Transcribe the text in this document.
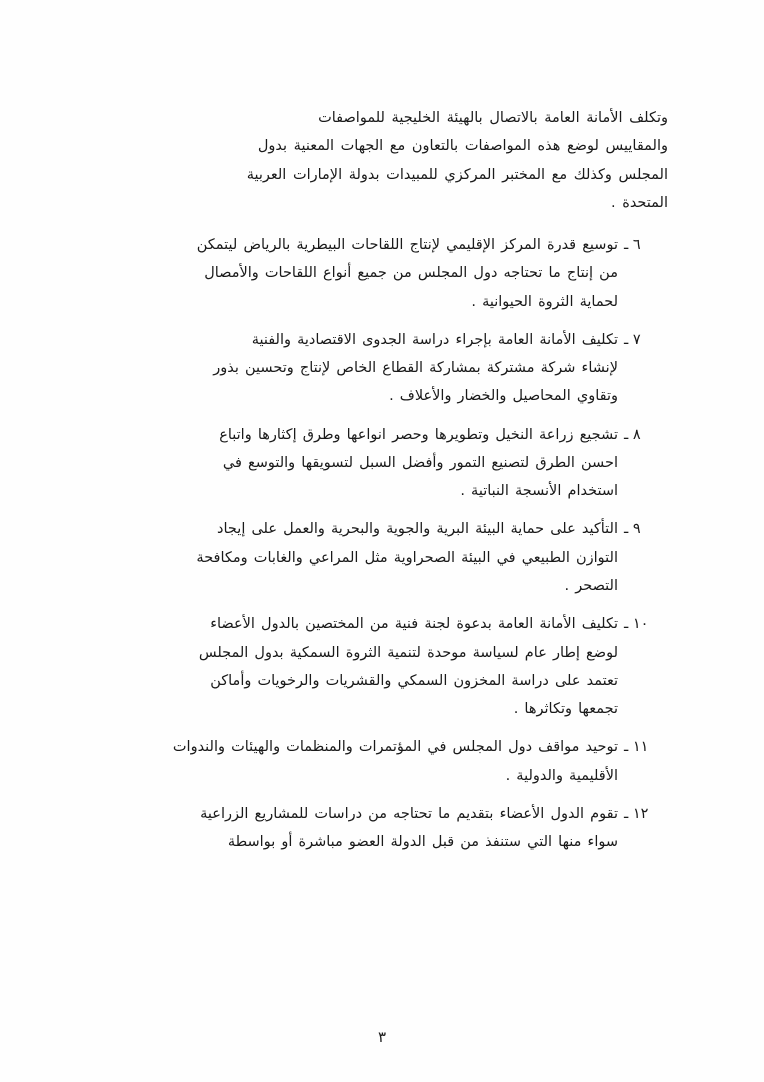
وتكلف الأمانة العامة بالاتصال بالهيئة الخليجية للمواصفات
والمقاييس لوضع هذه المواصفات بالتعاون مع الجهات المعنية بدول
المجلس وكذلك مع المختبر المركزي للمبيدات بدولة الإمارات العربية
المتحدة .

٦ ـ
توسيع قدرة المركز الإقليمي لإنتاج اللقاحات البيطرية بالرياض ليتمكن
من إنتاج ما تحتاجه دول المجلس من جميع أنواع اللقاحات والأمصال
لحماية الثروة الحيوانية .
٧ ـ
تكليف الأمانة العامة بإجراء دراسة الجدوى الاقتصادية والفنية
لإنشاء شركة مشتركة بمشاركة القطاع الخاص لإنتاج وتحسين بذور
وتقاوي المحاصيل والخضار والأعلاف .
٨ ـ
تشجيع زراعة النخيل وتطويرها وحصر انواعها وطرق إكثارها واتباع
احسن الطرق لتصنيع التمور وأفضل السبل لتسويقها والتوسع في
استخدام الأنسجة النباتية .
٩ ـ
التأكيد على حماية البيئة البرية والجوية والبحرية والعمل على إيجاد
التوازن الطبيعي في البيئة الصحراوية مثل المراعي والغابات ومكافحة
التصحر .
١٠ ـ
تكليف الأمانة العامة بدعوة لجنة فنية من المختصين بالدول الأعضاء
لوضع إطار عام لسياسة موحدة لتنمية الثروة السمكية بدول المجلس
تعتمد على دراسة المخزون السمكي والقشريات والرخويات وأماكن
تجمعها وتكاثرها .
١١ ـ
توحيد مواقف دول المجلس في المؤتمرات والمنظمات والهيئات والندوات
الأقليمية والدولية .
١٢ ـ
تقوم الدول الأعضاء بتقديم ما تحتاجه من دراسات للمشاريع الزراعية
سواء منها التي ستنفذ من قبل الدولة العضو مباشرة أو بواسطة
٣
